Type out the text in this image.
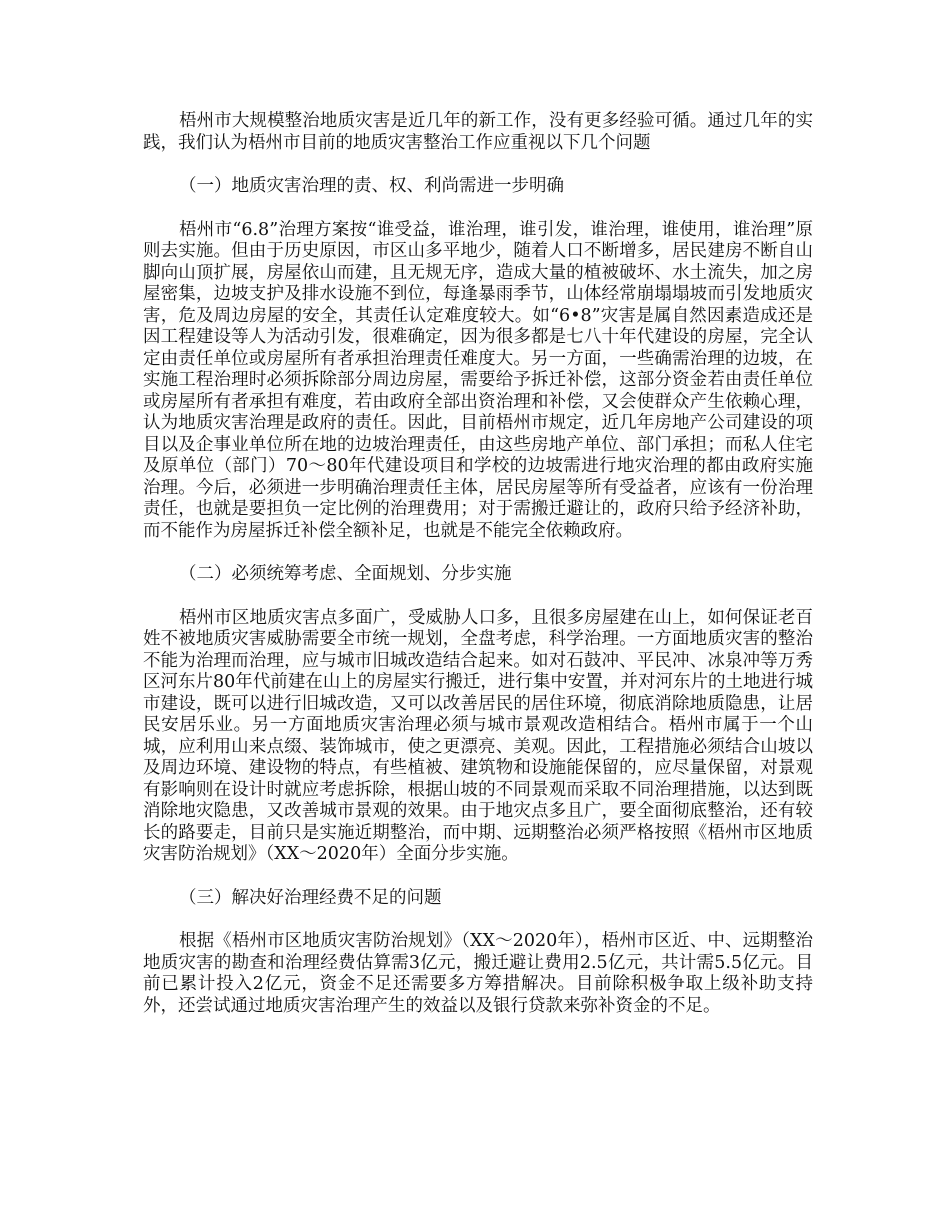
梧州市大规模整治地质灾害是近几年的新工作，没有更多经验可循。通过几年的实践，我们认为梧州市目前的地质灾害整治工作应重视以下几个问题

（一）地质灾害治理的责、权、利尚需进一步明确

梧州市“6.8”治理方案按“谁受益，谁治理，谁引发，谁治理，谁使用，谁治理”原则去实施。但由于历史原因，市区山多平地少，随着人口不断增多，居民建房不断自山脚向山顶扩展，房屋依山而建，且无规无序，造成大量的植被破坏、水土流失，加之房屋密集，边坡支护及排水设施不到位，每逢暴雨季节，山体经常崩塌塌坡而引发地质灾害，危及周边房屋的安全，其责任认定难度较大。如“6•8”灾害是属自然因素造成还是因工程建设等人为活动引发，很难确定，因为很多都是七八十年代建设的房屋，完全认定由责任单位或房屋所有者承担治理责任难度大。另一方面，一些确需治理的边坡，在实施工程治理时必须拆除部分周边房屋，需要给予拆迁补偿，这部分资金若由责任单位或房屋所有者承担有难度，若由政府全部出资治理和补偿，又会使群众产生依赖心理，认为地质灾害治理是政府的责任。因此，目前梧州市规定，近几年房地产公司建设的项目以及企事业单位所在地的边坡治理责任，由这些房地产单位、部门承担；而私人住宅及原单位（部门）70～80年代建设项目和学校的边坡需进行地灾治理的都由政府实施治理。今后，必须进一步明确治理责任主体，居民房屋等所有受益者，应该有一份治理责任，也就是要担负一定比例的治理费用；对于需搬迁避让的，政府只给予经济补助，而不能作为房屋拆迁补偿全额补足，也就是不能完全依赖政府。

（二）必须统筹考虑、全面规划、分步实施

梧州市区地质灾害点多面广，受威胁人口多，且很多房屋建在山上，如何保证老百姓不被地质灾害威胁需要全市统一规划，全盘考虑，科学治理。一方面地质灾害的整治不能为治理而治理，应与城市旧城改造结合起来。如对石鼓冲、平民冲、冰泉冲等万秀区河东片80年代前建在山上的房屋实行搬迁，进行集中安置，并对河东片的土地进行城市建设，既可以进行旧城改造，又可以改善居民的居住环境，彻底消除地质隐患，让居民安居乐业。另一方面地质灾害治理必须与城市景观改造相结合。梧州市属于一个山城，应利用山来点缀、装饰城市，使之更漂亮、美观。因此，工程措施必须结合山坡以及周边环境、建设物的特点，有些植被、建筑物和设施能保留的，应尽量保留，对景观有影响则在设计时就应考虑拆除，根据山坡的不同景观而采取不同治理措施，以达到既消除地灾隐患，又改善城市景观的效果。由于地灾点多且广，要全面彻底整治，还有较长的路要走，目前只是实施近期整治，而中期、远期整治必须严格按照《梧州市区地质灾害防治规划》（XX～2020年）全面分步实施。

（三）解决好治理经费不足的问题

根据《梧州市区地质灾害防治规划》（XX～2020年），梧州市区近、中、远期整治地质灾害的勘查和治理经费估算需3亿元，搬迁避让费用2.5亿元，共计需5.5亿元。目前已累计投入2亿元，资金不足还需要多方筹措解决。目前除积极争取上级补助支持外，还尝试通过地质灾害治理产生的效益以及银行贷款来弥补资金的不足。
